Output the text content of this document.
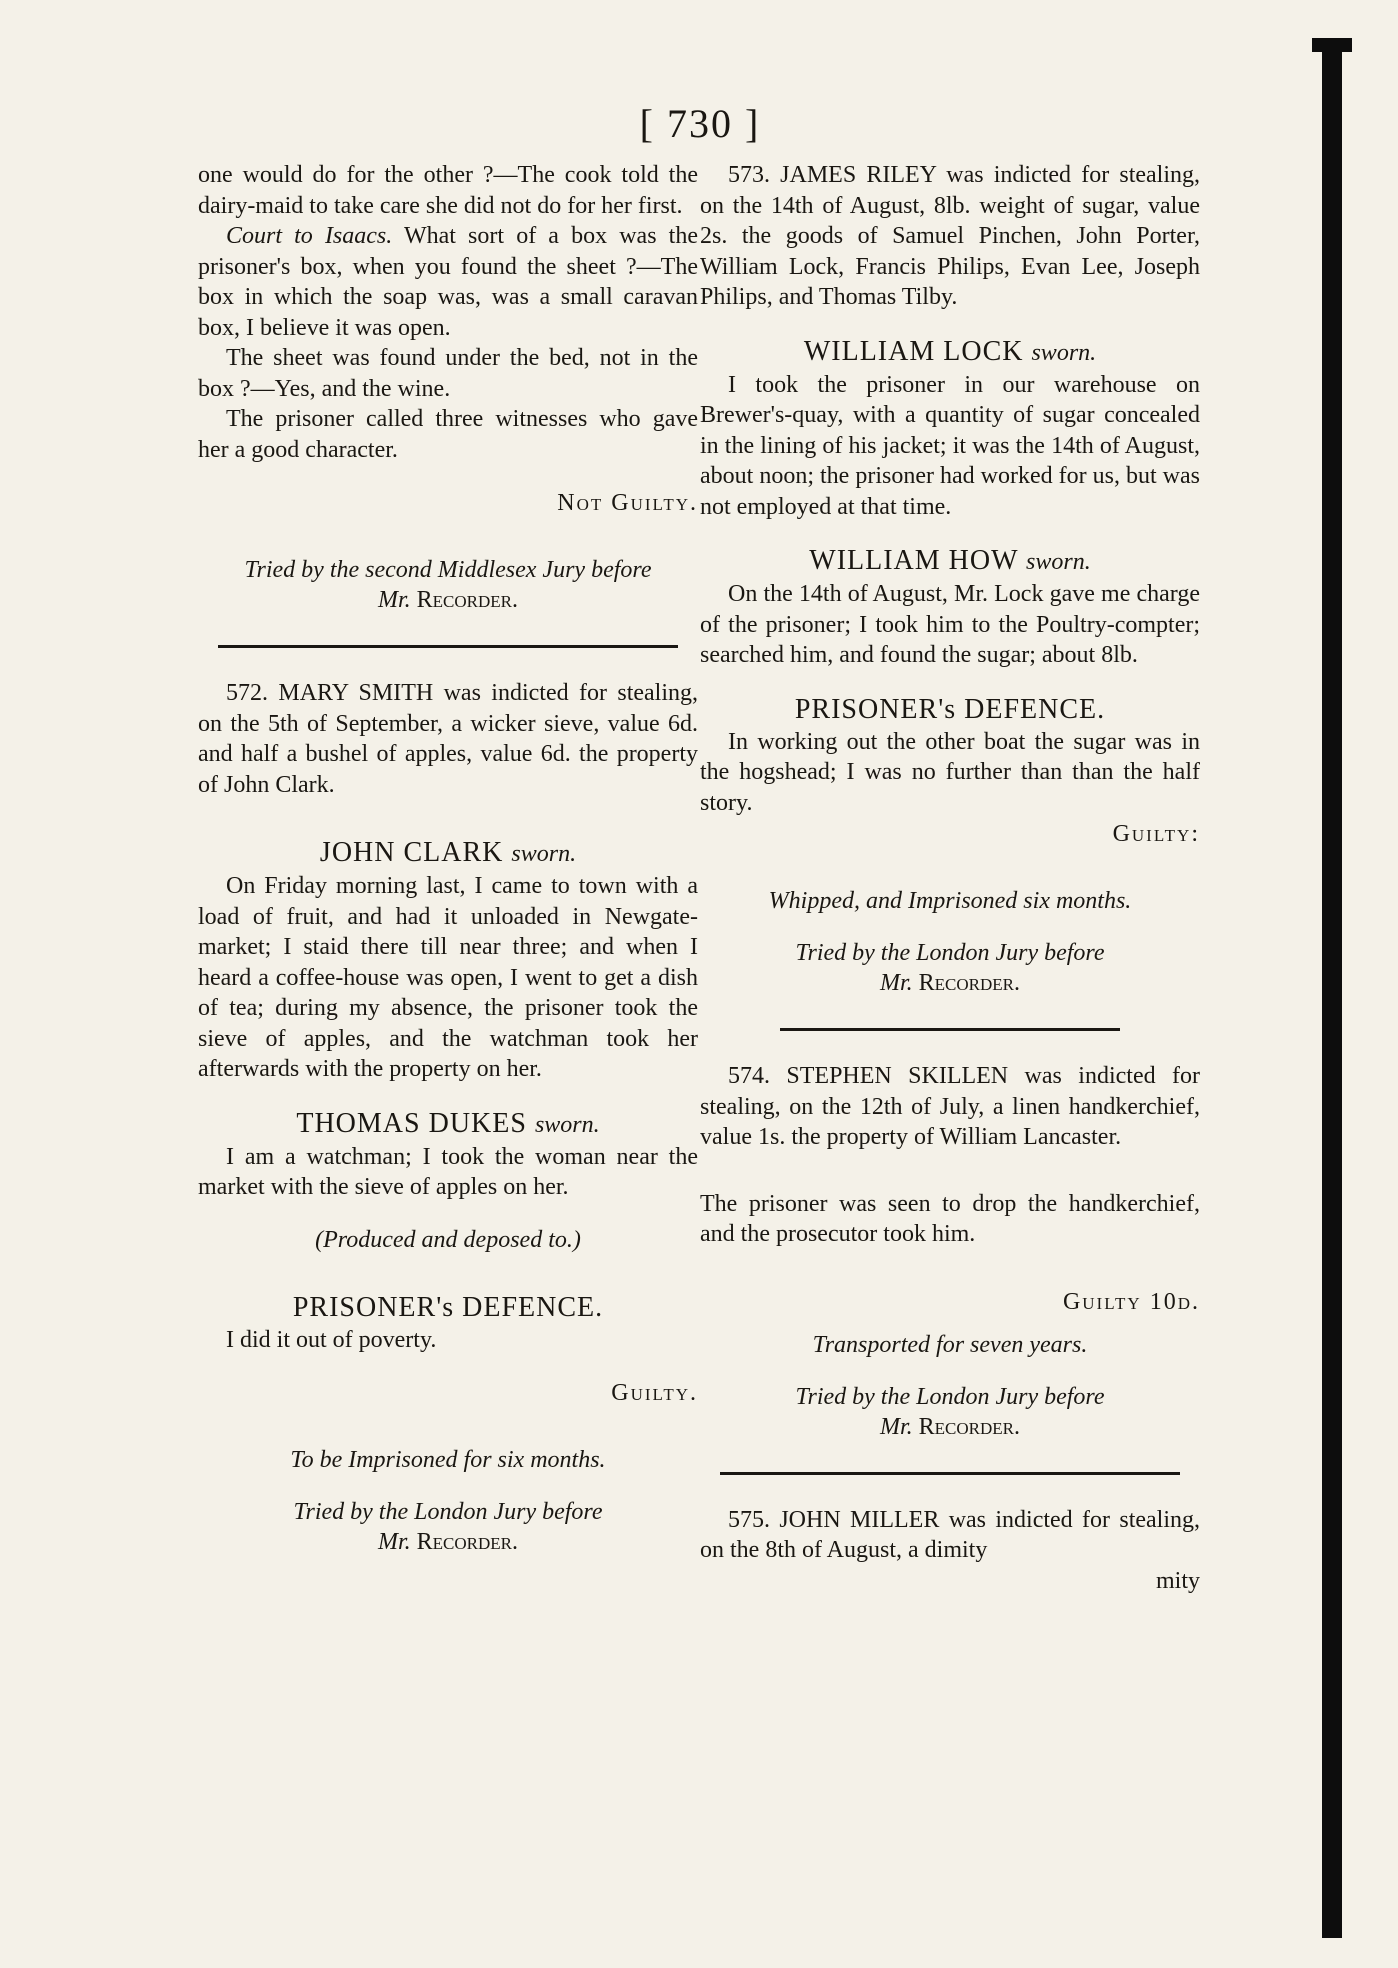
[ 730 ]

one would do for the other ?—The cook told the dairy-maid to take care she did not do for her first.

Court to Isaacs. What sort of a box was the prisoner's box, when you found the sheet ?—The box in which the soap was, was a small caravan box, I believe it was open.

The sheet was found under the bed, not in the box ?—Yes, and the wine.

The prisoner called three witnesses who gave her a good character.

Not Guilty.

Tried by the second Middlesex Jury before

Mr. Recorder.

572. MARY SMITH was indicted for stealing, on the 5th of September, a wicker sieve, value 6d. and half a bushel of apples, value 6d. the property of John Clark.

JOHN CLARK sworn.

On Friday morning last, I came to town with a load of fruit, and had it unloaded in Newgate-market; I staid there till near three; and when I heard a coffee-house was open, I went to get a dish of tea; during my absence, the prisoner took the sieve of apples, and the watchman took her afterwards with the property on her.

THOMAS DUKES sworn.

I am a watchman; I took the woman near the market with the sieve of apples on her.

(Produced and deposed to.)

PRISONER's DEFENCE.

I did it out of poverty.

Guilty.

To be Imprisoned for six months.

Tried by the London Jury before

Mr. Recorder.

573. JAMES RILEY was indicted for stealing, on the 14th of August, 8lb. weight of sugar, value 2s. the goods of Samuel Pinchen, John Porter, William Lock, Francis Philips, Evan Lee, Joseph Philips, and Thomas Tilby.

WILLIAM LOCK sworn.

I took the prisoner in our warehouse on Brewer's-quay, with a quantity of sugar concealed in the lining of his jacket; it was the 14th of August, about noon; the prisoner had worked for us, but was not employed at that time.

WILLIAM HOW sworn.

On the 14th of August, Mr. Lock gave me charge of the prisoner; I took him to the Poultry-compter; searched him, and found the sugar; about 8lb.

PRISONER's DEFENCE.

In working out the other boat the sugar was in the hogshead; I was no further than than the half story.

Guilty:

Whipped, and Imprisoned six months.

Tried by the London Jury before

Mr. Recorder.

574. STEPHEN SKILLEN was indicted for stealing, on the 12th of July, a linen handkerchief, value 1s. the property of William Lancaster.

The prisoner was seen to drop the handkerchief, and the prosecutor took him.

Guilty 10d.

Transported for seven years.

Tried by the London Jury before

Mr. Recorder.

575. JOHN MILLER was indicted for stealing, on the 8th of August, a dimity

mity
